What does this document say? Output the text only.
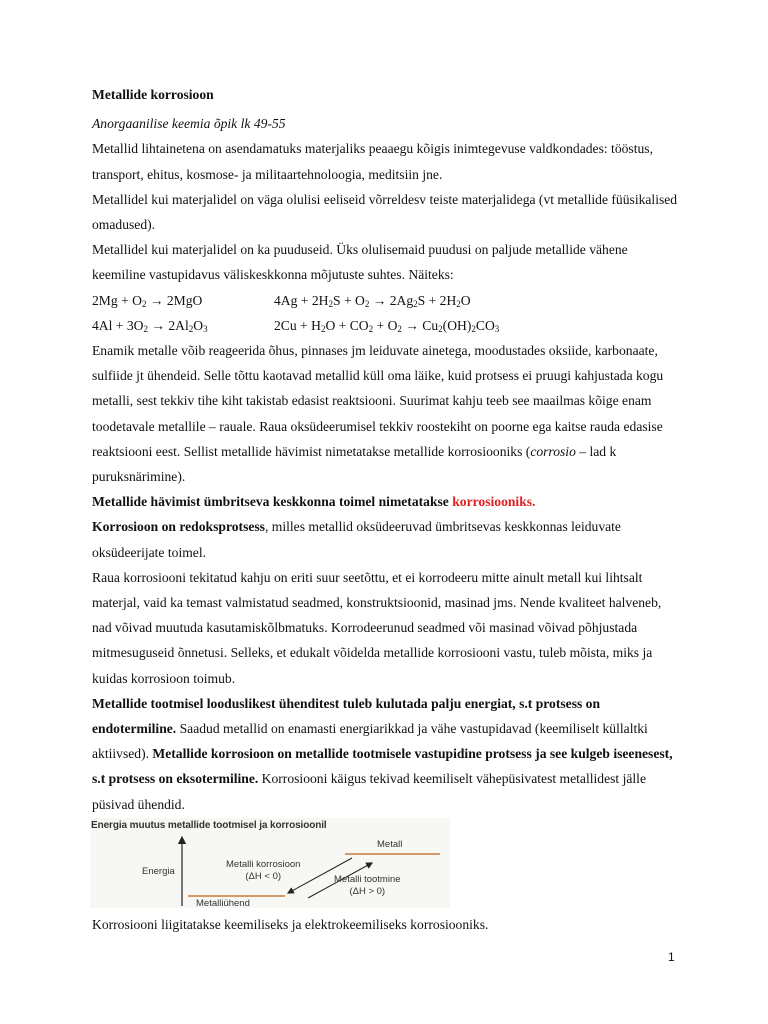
Metallide korrosioon

Anorgaanilise keemia õpik lk 49-55

Metallid lihtainetena on asendamatuks materjaliks peaaegu kõigis inimtegevuse valdkondades: tööstus, transport, ehitus, kosmose- ja militaartehnoloogia, meditsiin jne.

Metallidel kui materjalidel on väga olulisi eeliseid võrreldesv teiste materjalidega (vt metallide füüsikalised omadused).

Metallidel kui materjalidel on ka puuduseid. Üks olulisemaid puudusi on paljude metallide vähene keemiline vastupidavus väliskeskkonna mõjutuste suhtes. Näiteks:

$2Mg + O_2 \to 2MgO$	$4Ag + 2H_2S + O_2 \to 2Ag_2S + 2H_2O$
$4Al + 3O_2 \to 2Al_2O_3$	$2Cu + H_2O + CO_2 + O_2 \to Cu_2(OH)_2CO_3$

Enamik metalle võib reageerida õhus, pinnases jm leiduvate ainetega, moodustades oksiide, karbonaate, sulfiide jt ühendeid. Selle tõttu kaotavad metallid küll oma läike, kuid protsess ei pruugi kahjustada kogu metalli, sest tekkiv tihe kiht takistab edasist reaktsiooni. Suurimat kahju teeb see maailmas kõige enam toodetavale metallile – rauale. Raua oksüdeerumisel tekkiv roostekiht on poorne ega kaitse rauda edasise reaktsiooni eest. Sellist metallide hävimist nimetatakse metallide korrosiooniks (corrosio – lad k puruksnärimine).

Metallide hävimist ümbritseva keskkonna toimel nimetatakse korrosiooniks.

Korrosioon on redoksprotsess, milles metallid oksüdeeruvad ümbritsevas keskkonnas leiduvate oksüdeerijate toimel.

Raua korrosiooni tekitatud kahju on eriti suur seetõttu, et ei korrodeeru mitte ainult metall kui lihtsalt materjal, vaid ka temast valmistatud seadmed, konstruktsioonid, masinad jms. Nende kvaliteet halveneb, nad võivad muutuda kasutamiskõlbmatuks. Korrodeerunud seadmed või masinad võivad põhjustada mitmesuguseid õnnetusi. Selleks, et edukalt võidelda metallide korrosiooni vastu, tuleb mõista, miks ja kuidas korrosioon toimub.

Metallide tootmisel looduslikest ühenditest tuleb kulutada palju energiat, s.t protsess on endotermiline. Saadud metallid on enamasti energiarikkad ja vähe vastupidavad (keemiliselt küllaltki aktiivsed). Metallide korrosioon on metallide tootmisele vastupidine protsess ja see kulgeb iseenesest, s.t protsess on eksotermiline. Korrosiooni käigus tekivad keemiliselt vähepüsivatest metallidest jälle püsivad ühendid.

Energia muutus metallide tootmisel ja korrosioonil
Energia
Metall
Metalliühend
Metalli korrosioon
(ΔH < 0)	Metalli tootmine
(ΔH > 0)

Korrosiooni liigitatakse keemiliseks ja elektrokeemiliseks korrosiooniks.

1
